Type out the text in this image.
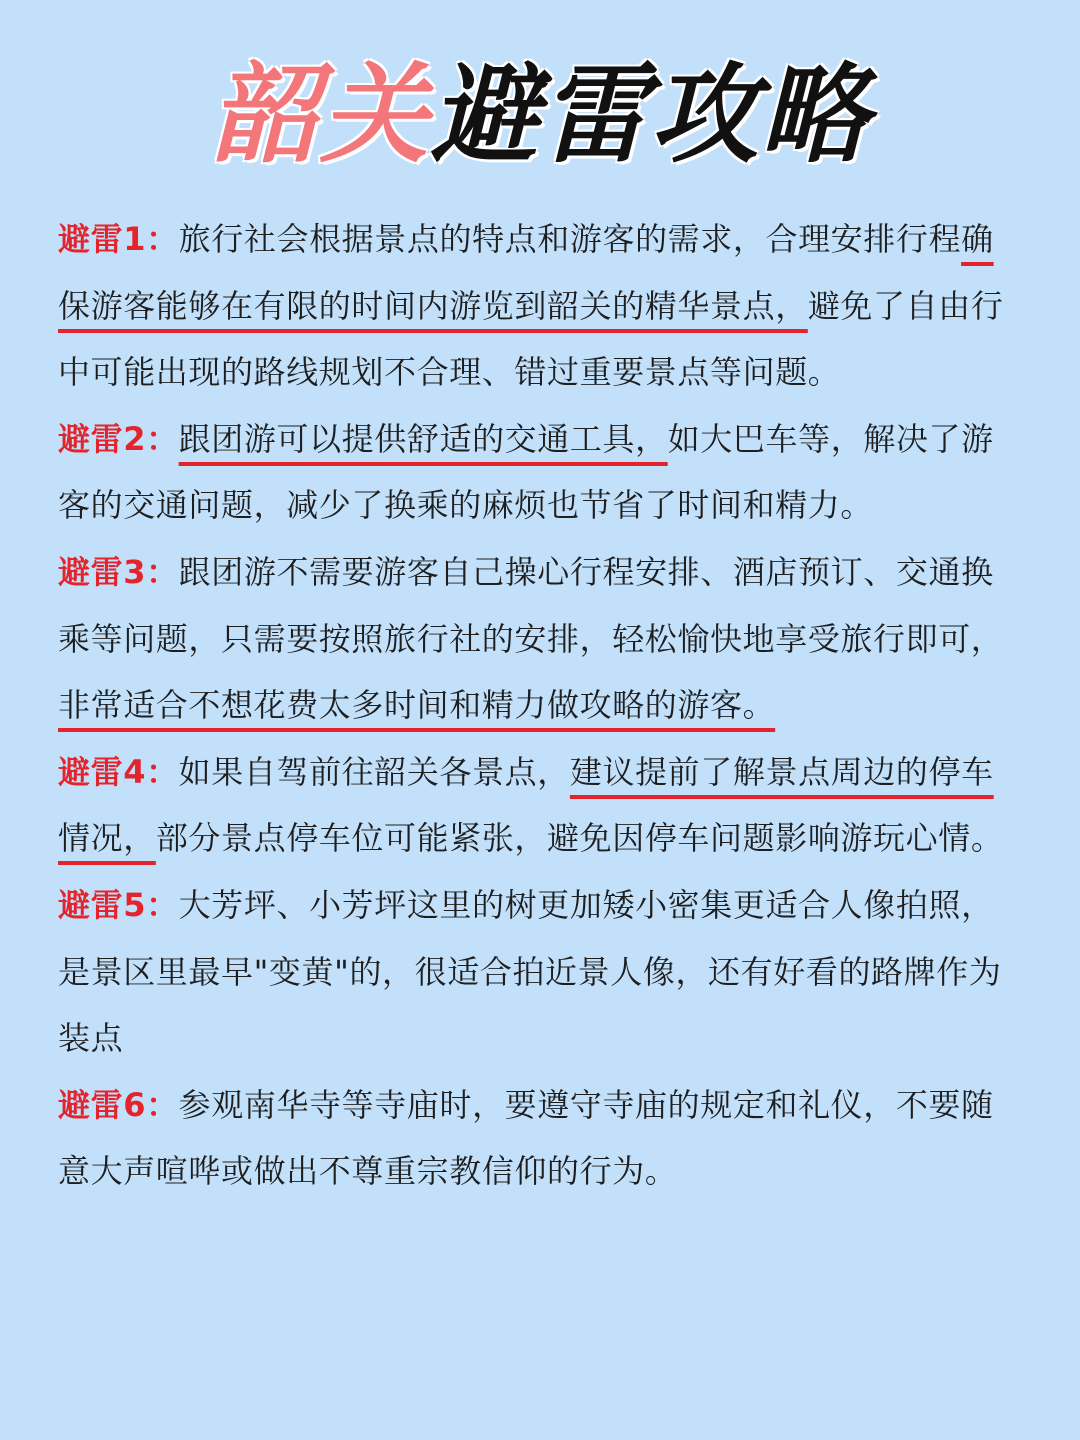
韶关避雷攻略

避雷1：旅行社会根据景点的特点和游客的需求，合理安排行程确保游客能够在有限的时间内游览到韶关的精华景点，避免了自由行中可能出现的路线规划不合理、错过重要景点等问题。

避雷2：跟团游可以提供舒适的交通工具，如大巴车等，解决了游客的交通问题，减少了换乘的麻烦也节省了时间和精力。

避雷3：跟团游不需要游客自己操心行程安排、酒店预订、交通换乘等问题，只需要按照旅行社的安排，轻松愉快地享受旅行即可，非常适合不想花费太多时间和精力做攻略的游客。

避雷4：如果自驾前往韶关各景点，建议提前了解景点周边的停车情况，部分景点停车位可能紧张，避免因停车问题影响游玩心情。

避雷5：大芳坪、小芳坪这里的树更加矮小密集更适合人像拍照，是景区里最早"变黄"的，很适合拍近景人像，还有好看的路牌作为装点

避雷6：参观南华寺等寺庙时，要遵守寺庙的规定和礼仪，不要随意大声喧哗或做出不尊重宗教信仰的行为。
